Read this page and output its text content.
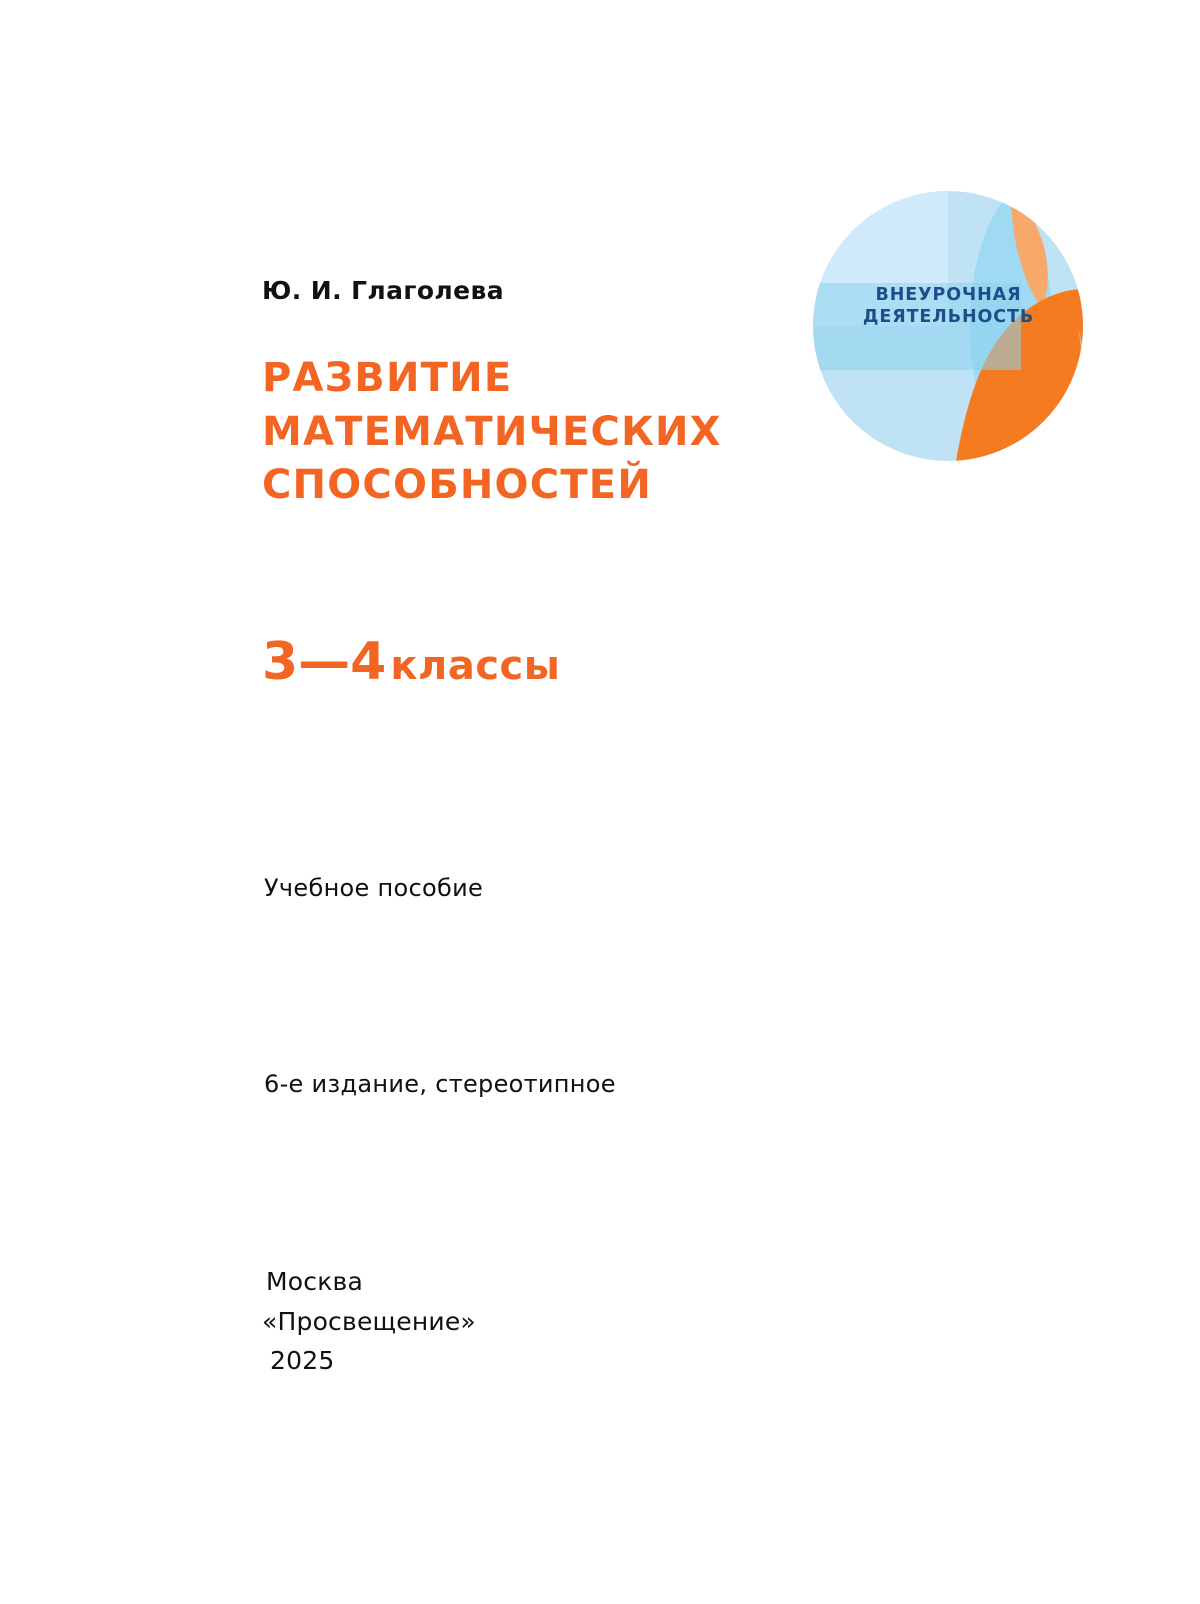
ВНЕУРОЧНАЯ
ДЕЯТЕЛЬНОСТЬ
Ю. И. Глаголева
РАЗВИТИЕ
МАТЕМАТИЧЕСКИХ
СПОСОБНОСТЕЙ
3—4 классы
Учебное пособие
6-е издание, стереотипное
Москва
«Просвещение»
2025
